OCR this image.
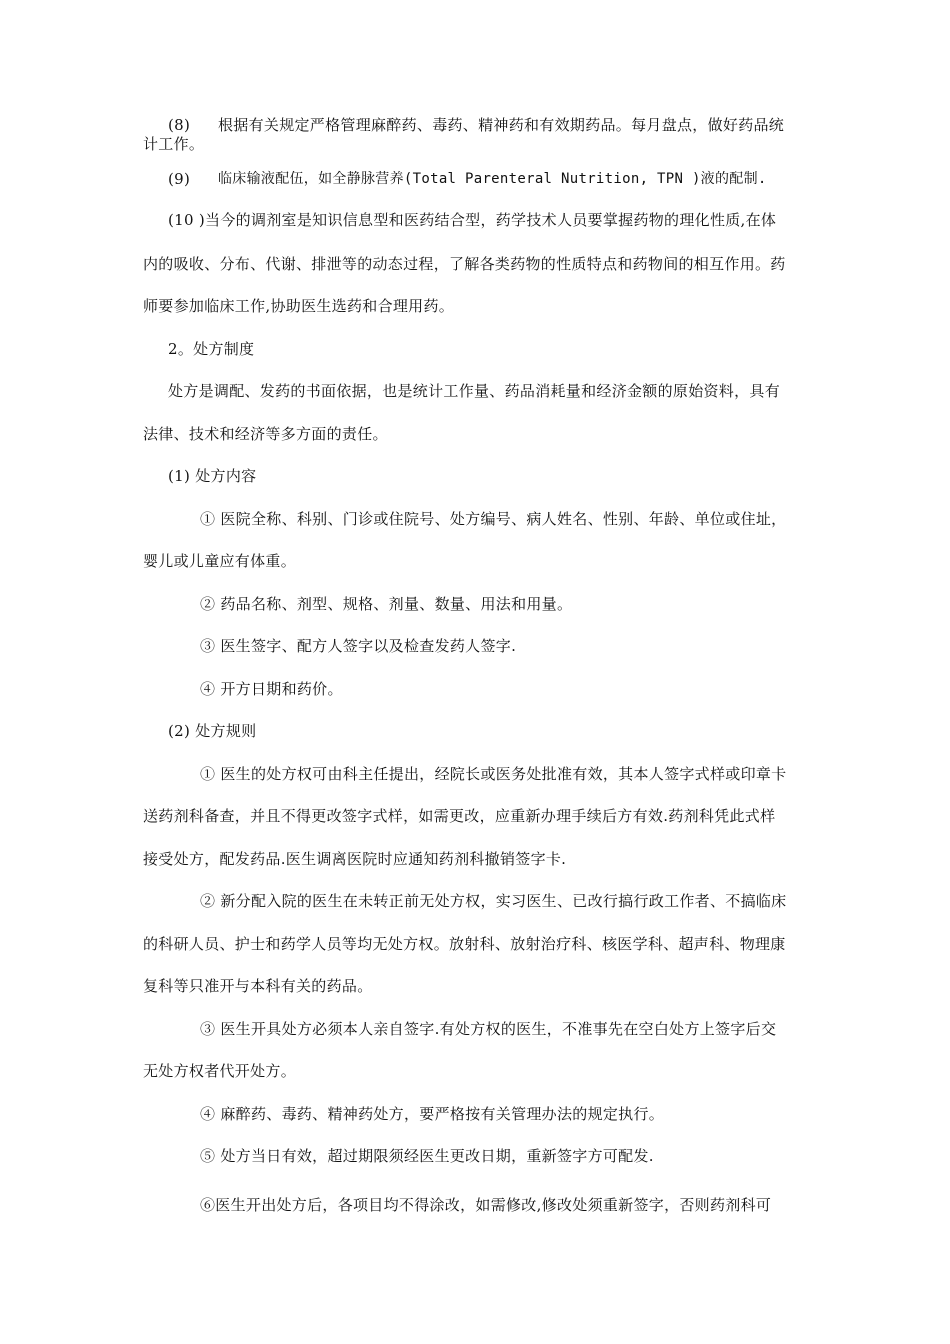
(8) 根据有关规定严格管理麻醉药、毒药、精神药和有效期药品。每月盘点，做好药品统
计工作。
(9) 临床输液配伍，如全静脉营养(Total Parenteral Nutrition, TPN )液的配制.
(10 )当今的调剂室是知识信息型和医药结合型，药学技术人员要掌握药物的理化性质,在体
内的吸收、分布、代谢、排泄等的动态过程，了解各类药物的性质特点和药物间的相互作用。药
师要参加临床工作,协助医生选药和合理用药。
2。处方制度
处方是调配、发药的书面依据，也是统计工作量、药品消耗量和经济金额的原始资料，具有
法律、技术和经济等多方面的责任。
(1) 处方内容
① 医院全称、科别、门诊或住院号、处方编号、病人姓名、性别、年龄、单位或住址，
婴儿或儿童应有体重。
② 药品名称、剂型、规格、剂量、数量、用法和用量。
③ 医生签字、配方人签字以及检查发药人签字.
④ 开方日期和药价。
(2) 处方规则
① 医生的处方权可由科主任提出，经院长或医务处批准有效，其本人签字式样或印章卡
送药剂科备查，并且不得更改签字式样，如需更改，应重新办理手续后方有效.药剂科凭此式样
接受处方，配发药品.医生调离医院时应通知药剂科撤销签字卡.
② 新分配入院的医生在未转正前无处方权，实习医生、已改行搞行政工作者、不搞临床
的科研人员、护士和药学人员等均无处方权。放射科、放射治疗科、核医学科、超声科、物理康
复科等只准开与本科有关的药品。
③ 医生开具处方必须本人亲自签字.有处方权的医生，不准事先在空白处方上签字后交
无处方权者代开处方。
④ 麻醉药、毒药、精神药处方，要严格按有关管理办法的规定执行。
⑤ 处方当日有效，超过期限须经医生更改日期，重新签字方可配发.
⑥医生开出处方后，各项目均不得涂改，如需修改,修改处须重新签字，否则药剂科可
